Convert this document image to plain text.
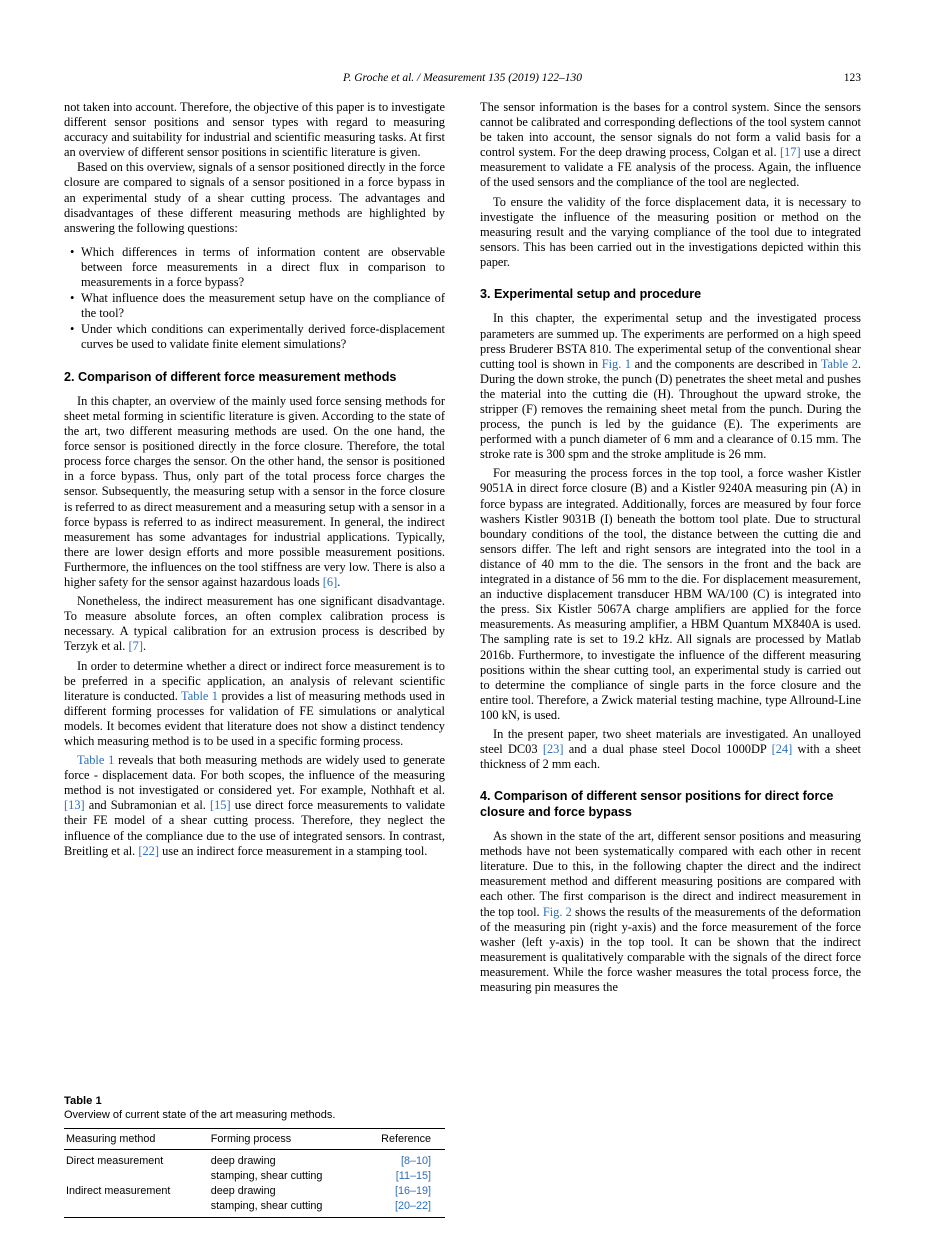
P. Groche et al. / Measurement 135 (2019) 122–130	123

not taken into account. Therefore, the objective of this paper is to investigate different sensor positions and sensor types with regard to measuring accuracy and suitability for industrial and scientific measuring tasks. At first an overview of different sensor positions in scientific literature is given.

Based on this overview, signals of a sensor positioned directly in the force closure are compared to signals of a sensor positioned in a force bypass in an experimental study of a shear cutting process. The advantages and disadvantages of these different measuring methods are highlighted by answering the following questions:

• Which differences in terms of information content are observable between force measurements in a direct flux in comparison to measurements in a force bypass?
• What influence does the measurement setup have on the compliance of the tool?
• Under which conditions can experimentally derived force-displacement curves be used to validate finite element simulations?
2. Comparison of different force measurement methods

In this chapter, an overview of the mainly used force sensing methods for sheet metal forming in scientific literature is given. According to the state of the art, two different measuring methods are used. On the one hand, the force sensor is positioned directly in the force closure. Therefore, the total process force charges the sensor. On the other hand, the sensor is positioned in a force bypass. Thus, only part of the total process force charges the sensor. Subsequently, the measuring setup with a sensor in the force closure is referred to as direct measurement and a measuring setup with a sensor in a force bypass is referred to as indirect measurement. In general, the indirect measurement has some advantages for industrial applications. Typically, there are lower design efforts and more possible measurement positions. Furthermore, the influences on the tool stiffness are very low. There is also a higher safety for the sensor against hazardous loads [6].

Nonetheless, the indirect measurement has one significant disadvantage. To measure absolute forces, an often complex calibration process is necessary. A typical calibration for an extrusion process is described by Terzyk et al. [7].

In order to determine whether a direct or indirect force measurement is to be preferred in a specific application, an analysis of relevant scientific literature is conducted. Table 1 provides a list of measuring methods used in different forming processes for validation of FE simulations or analytical models. It becomes evident that literature does not show a distinct tendency which measuring method is to be used in a specific forming process.

Table 1 reveals that both measuring methods are widely used to generate force - displacement data. For both scopes, the influence of the measuring method is not investigated or considered yet. For example, Nothhaft et al. [13] and Subramonian et al. [15] use direct force measurements to validate their FE model of a shear cutting process. Therefore, they neglect the influence of the compliance due to the use of integrated sensors. In contrast, Breitling et al. [22] use an indirect force measurement in a stamping tool.

Table 1
Overview of current state of the art measuring methods.
Measuring method	Forming process	Reference
Direct measurement	deep drawing	[8–10]
	stamping, shear cutting	[11–15]
Indirect measurement	deep drawing	[16–19]
	stamping, shear cutting	[20–22]

The sensor information is the bases for a control system. Since the sensors cannot be calibrated and corresponding deflections of the tool system cannot be taken into account, the sensor signals do not form a valid basis for a control system. For the deep drawing process, Colgan et al. [17] use a direct measurement to validate a FE analysis of the process. Again, the influence of the used sensors and the compliance of the tool are neglected.

To ensure the validity of the force displacement data, it is necessary to investigate the influence of the measuring position or method on the measuring result and the varying compliance of the tool due to integrated sensors. This has been carried out in the investigations depicted within this paper.

3. Experimental setup and procedure

In this chapter, the experimental setup and the investigated process parameters are summed up. The experiments are performed on a high speed press Bruderer BSTA 810. The experimental setup of the conventional shear cutting tool is shown in Fig. 1 and the components are described in Table 2. During the down stroke, the punch (D) penetrates the sheet metal and pushes the material into the cutting die (H). Throughout the upward stroke, the stripper (F) removes the remaining sheet metal from the punch. During the process, the punch is led by the guidance (E). The experiments are performed with a punch diameter of 6 mm and a clearance of 0.15 mm. The stroke rate is 300 spm and the stroke amplitude is 26 mm.

For measuring the process forces in the top tool, a force washer Kistler 9051A in direct force closure (B) and a Kistler 9240A measuring pin (A) in force bypass are integrated. Additionally, forces are measured by four force washers Kistler 9031B (I) beneath the bottom tool plate. Due to structural boundary conditions of the tool, the distance between the cutting die and sensors differ. The left and right sensors are integrated into the tool in a distance of 40 mm to the die. The sensors in the front and the back are integrated in a distance of 56 mm to the die. For displacement measurement, an inductive displacement transducer HBM WA/100 (C) is integrated into the press. Six Kistler 5067A charge amplifiers are applied for the force measurements. As measuring amplifier, a HBM Quantum MX840A is used. The sampling rate is set to 19.2 kHz. All signals are processed by Matlab 2016b. Furthermore, to investigate the influence of the different measuring positions within the shear cutting tool, an experimental study is carried out to determine the compliance of single parts in the force closure and the entire tool. Therefore, a Zwick material testing machine, type Allround-Line 100 kN, is used.

In the present paper, two sheet materials are investigated. An unalloyed steel DC03 [23] and a dual phase steel Docol 1000DP [24] with a sheet thickness of 2 mm each.

4. Comparison of different sensor positions for direct force closure and force bypass

As shown in the state of the art, different sensor positions and measuring methods have not been systematically compared with each other in recent literature. Due to this, in the following chapter the direct and the indirect measurement method and different measuring positions are compared with each other. The first comparison is the direct and indirect measurement in the top tool. Fig. 2 shows the results of the measurements of the deformation of the measuring pin (right y-axis) and the force measurement of the force washer (left y-axis) in the top tool. It can be shown that the indirect measurement is qualitatively comparable with the signals of the direct force measurement. While the force washer measures the total process force, the measuring pin measures the
